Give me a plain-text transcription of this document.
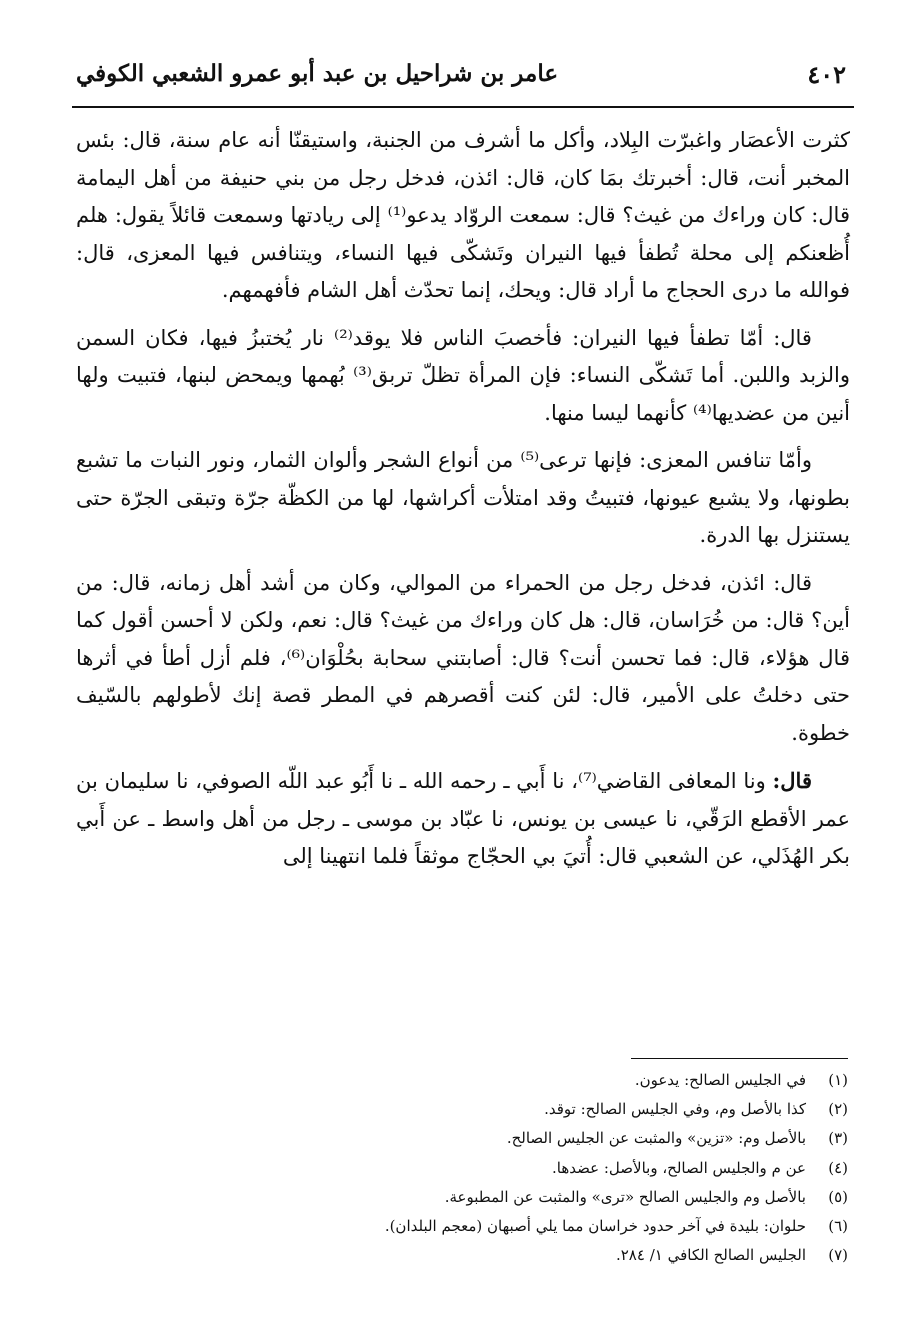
٤٠٢
عامر بن شراحيل بن عبد أبو عمرو الشعبي الكوفي

كثرت الأعصَار واغبرّت البِلاد، وأكل ما أشرف من الجنبة، واستيقنّا أنه عام سنة، قال: بئس المخبر أنت، قال: أخبرتك بمَا كان، قال: ائذن، فدخل رجل من بني حنيفة من أهل اليمامة قال: كان وراءك من غيث؟ قال: سمعت الروّاد يدعو⁽¹⁾ إلى ريادتها وسمعت قائلاً يقول: هلم أُظعنكم إلى محلة تُطفأ فيها النيران وتَشكّى فيها النساء، ويتنافس فيها المعزى، قال: فوالله ما درى الحجاج ما أراد قال: ويحك، إنما تحدّث أهل الشام فأفهمهم.

قال: أمّا تطفأ فيها النيران: فأخصبَ الناس فلا يوقد⁽²⁾ نار يُختبزُ فيها، فكان السمن والزبد واللبن. أما تَشكّى النساء: فإن المرأة تظلّ تربق⁽³⁾ بُهمها ويمحض لبنها، فتبيت ولها أنين من عضديها⁽⁴⁾ كأنهما ليسا منها.

وأمّا تنافس المعزى: فإنها ترعى⁽⁵⁾ من أنواع الشجر وألوان الثمار، ونور النبات ما تشبع بطونها، ولا يشبع عيونها، فتبيتُ وقد امتلأت أكراشها، لها من الكظّة جرّة وتبقى الجرّة حتى يستنزل بها الدرة.

قال: ائذن، فدخل رجل من الحمراء من الموالي، وكان من أشد أهل زمانه، قال: من أين؟ قال: من خُرَاسان، قال: هل كان وراءك من غيث؟ قال: نعم، ولكن لا أحسن أقول كما قال هؤلاء، قال: فما تحسن أنت؟ قال: أصابتني سحابة بحُلْوَان⁽⁶⁾، فلم أزل أطأ في أثرها حتى دخلتُ على الأمير، قال: لئن كنت أقصرهم في المطر قصة إنك لأطولهم بالسّيف خطوة.

قال: ونا المعافى القاضي⁽⁷⁾، نا أَبي ـ رحمه الله ـ نا أَبُو عبد اللّه الصوفي، نا سليمان بن عمر الأقطع الرَقّي، نا عيسى بن يونس، نا عبّاد بن موسى ـ رجل من أهل واسط ـ عن أَبي بكر الهُذَلي، عن الشعبي قال: أُتيَ بي الحجّاج موثقاً فلما انتهينا إلى

(١)
في الجليس الصالح: يدعون.
(٢)
كذا بالأصل وم، وفي الجليس الصالح: توقد.
(٣)
بالأصل وم: «تزين» والمثبت عن الجليس الصالح.
(٤)
عن م والجليس الصالح، وبالأصل: عضدها.
(٥)
بالأصل وم والجليس الصالح «ترى» والمثبت عن المطبوعة.
(٦)
حلوان: بليدة في آخر حدود خراسان مما يلي أصبهان (معجم البلدان).
(٧)
الجليس الصالح الكافي ١/ ٢٨٤.
